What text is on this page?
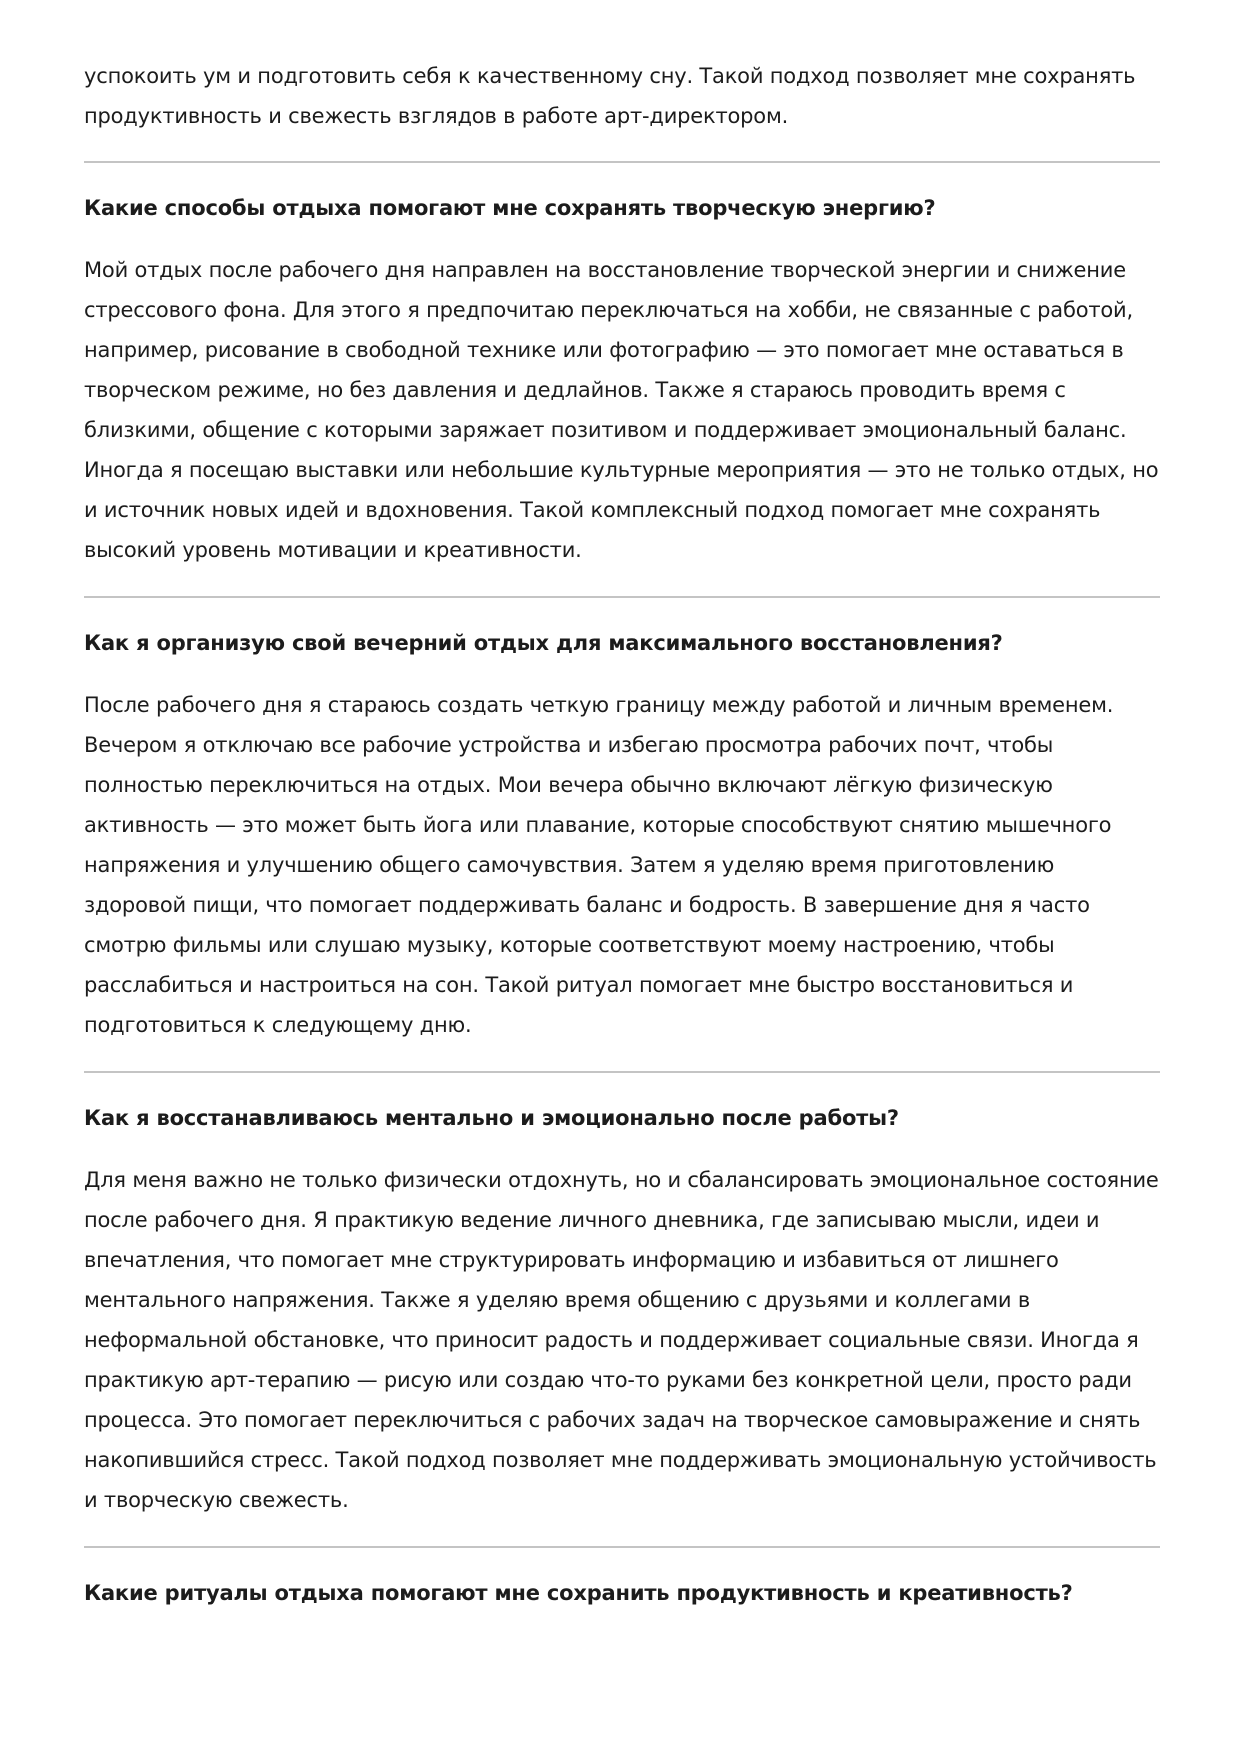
успокоить ум и подготовить себя к качественному сну. Такой подход позволяет мне сохранять продуктивность и свежесть взглядов в работе арт-директором.

Какие способы отдыха помогают мне сохранять творческую энергию?

Мой отдых после рабочего дня направлен на восстановление творческой энергии и снижение стрессового фона. Для этого я предпочитаю переключаться на хобби, не связанные с работой, например, рисование в свободной технике или фотографию — это помогает мне оставаться в творческом режиме, но без давления и дедлайнов. Также я стараюсь проводить время с близкими, общение с которыми заряжает позитивом и поддерживает эмоциональный баланс. Иногда я посещаю выставки или небольшие культурные мероприятия — это не только отдых, но и источник новых идей и вдохновения. Такой комплексный подход помогает мне сохранять высокий уровень мотивации и креативности.

Как я организую свой вечерний отдых для максимального восстановления?

После рабочего дня я стараюсь создать четкую границу между работой и личным временем. Вечером я отключаю все рабочие устройства и избегаю просмотра рабочих почт, чтобы полностью переключиться на отдых. Мои вечера обычно включают лёгкую физическую активность — это может быть йога или плавание, которые способствуют снятию мышечного напряжения и улучшению общего самочувствия. Затем я уделяю время приготовлению здоровой пищи, что помогает поддерживать баланс и бодрость. В завершение дня я часто смотрю фильмы или слушаю музыку, которые соответствуют моему настроению, чтобы расслабиться и настроиться на сон. Такой ритуал помогает мне быстро восстановиться и подготовиться к следующему дню.

Как я восстанавливаюсь ментально и эмоционально после работы?

Для меня важно не только физически отдохнуть, но и сбалансировать эмоциональное состояние после рабочего дня. Я практикую ведение личного дневника, где записываю мысли, идеи и впечатления, что помогает мне структурировать информацию и избавиться от лишнего ментального напряжения. Также я уделяю время общению с друзьями и коллегами в неформальной обстановке, что приносит радость и поддерживает социальные связи. Иногда я практикую арт-терапию — рисую или создаю что-то руками без конкретной цели, просто ради процесса. Это помогает переключиться с рабочих задач на творческое самовыражение и снять накопившийся стресс. Такой подход позволяет мне поддерживать эмоциональную устойчивость и творческую свежесть.

Какие ритуалы отдыха помогают мне сохранить продуктивность и креативность?
